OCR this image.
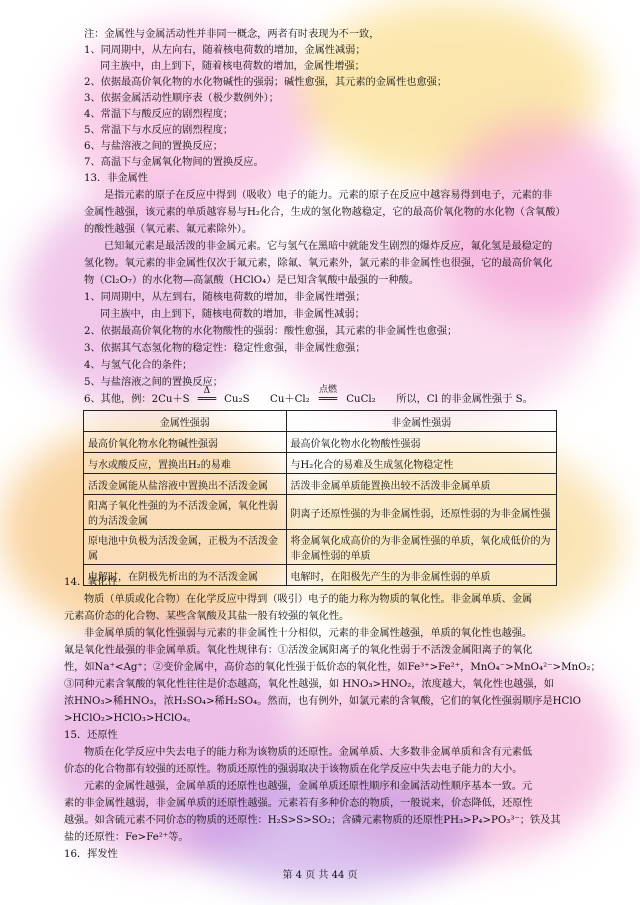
注：金属性与金属活动性并非同一概念，两者有时表现为不一致，
1、同周期中，从左向右，随着核电荷数的增加，金属性减弱；
同主族中，由上到下，随着核电荷数的增加，金属性增强；
2、依据最高价氧化物的水化物碱性的强弱；碱性愈强，其元素的金属性也愈强；
3、依据金属活动性顺序表（极少数例外）；
4、常温下与酸反应的剧烈程度；
5、常温下与水反应的剧烈程度；
6、与盐溶液之间的置换反应；
7、高温下与金属氧化物间的置换反应。
13．非金属性
是指元素的原子在反应中得到（吸收）电子的能力。元素的原子在反应中越容易得到电子，元素的非
金属性越强，该元素的单质越容易与H₂化合，生成的氢化物越稳定，它的最高价氧化物的水化物（含氧酸）
的酸性越强（氧元素、氟元素除外）。
已知氟元素是最活泼的非金属元素。它与氢气在黑暗中就能发生剧烈的爆炸反应，氟化氢是最稳定的
氢化物。氧元素的非金属性仅次于氟元素，除氟、氧元素外，氯元素的非金属性也很强，它的最高价氧化
物（Cl₂O₇）的水化物—高氯酸（HClO₄）是已知含氧酸中最强的一种酸。
1、同周期中，从左到右，随核电荷数的增加，非金属性增强；
同主族中，由上到下，随核电荷数的增加，非金属性减弱；
2、依据最高价氧化物的水化物酸性的强弱：酸性愈强，其元素的非金属性也愈强；
3、依据其气态氢化物的稳定性：稳定性愈强，非金属性愈强；
4、与氢气化合的条件；
5、与盐溶液之间的置换反应；
6、其他，例：2Cu＋S
Δ
═══ Cu₂S Cu＋Cl₂
点燃
═══ CuCl₂ 所以，Cl 的非金属性强于 S。
金属性强弱	非金属性强弱
最高价氧化物水化物碱性强弱	最高价氧化物水化物酸性强弱
与水或酸反应，置换出H₂的易难	与H₂化合的易难及生成氢化物稳定性
活泼金属能从盐溶液中置换出不活泼金属	活泼非金属单质能置换出较不活泼非金属单质
阳离子氧化性强的为不活泼金属，氧化性弱的为活泼金属	阴离子还原性强的为非金属性弱，还原性弱的为非金属性强
原电池中负极为活泼金属，正极为不活泼金属	将金属氧化成高价的为非金属性强的单质，氧化成低价的为非金属性弱的单质
电解时，在阴极先析出的为不活泼金属	电解时，在阳极先产生的为非金属性弱的单质
14．氧化性
物质（单质或化合物）在化学反应中得到（吸引）电子的能力称为物质的氧化性。非金属单质、金属
元素高价态的化合物、某些含氧酸及其盐一般有较强的氧化性。
非金属单质的氧化性强弱与元素的非金属性十分相似，元素的非金属性越强，单质的氧化性也越强。
氟是氧化性最强的非金属单质。氧化性规律有：①活泼金属阳离子的氧化性弱于不活泼金属阳离子的氧化
性，如Na⁺<Ag⁺；②变价金属中，高价态的氧化性强于低价态的氧化性，如Fe³⁺>Fe²⁺，MnO₄⁻>MnO₄²⁻>MnO₂；
③同种元素含氧酸的氧化性往往是价态越高，氧化性越强，如 HNO₃>HNO₂，浓度越大，氧化性也越强，如
浓HNO₃>稀HNO₃，浓H₂SO₄>稀H₂SO₄。然而，也有例外，如氯元素的含氧酸，它们的氧化性强弱顺序是HClO
>HClO₂>HClO₃>HClO₄。
15．还原性
物质在化学反应中失去电子的能力称为该物质的还原性。金属单质、大多数非金属单质和含有元素低
价态的化合物都有较强的还原性。物质还原性的强弱取决于该物质在化学反应中失去电子能力的大小。
元素的金属性越强，金属单质的还原性也越强，金属单质还原性顺序和金属活动性顺序基本一致。元
素的非金属性越弱，非金属单质的还原性越强。元素若有多种价态的物质，一般说来，价态降低，还原性
越强。如含硫元素不同价态的物质的还原性：H₂S>S>SO₂；含磷元素物质的还原性PH₃>P₄>PO₃³⁻；铁及其
盐的还原性：Fe>Fe²⁺等。
16．挥发性
第 4 页 共 44 页
